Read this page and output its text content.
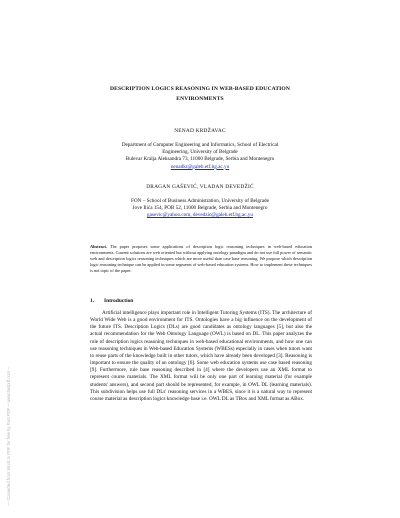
— Converted from Word to PDF for free by Fast PDF -- www.fastpdf.com --
DESCRIPTION LOGICS REASONING IN WEB-BASED EDUCATION
ENVIRONMENTS
NENAD KRDŽAVAC
Department of Computer Engineering and Informatics, School of Electrical
Engineering, University of Belgrade
Bulevar Kralja Aleksandra 73, 11000 Belgrade, Serbia and Montenegro
nenadkr@galeb.etf.bg.ac.yu
DRAGAN GAŠEVIĆ, VLADAN DEVEDŽIĆ
FON – School of Business Administration, University of Belgrade
Jove Ilića 154, POB 52, 11000 Belgrade, Serbia and Montenegro
gasevic@yahoo.com, devedzic@galeb.etf.bg.ac.yu
Abstract. The paper proposes some applications of description logic reasoning techniques in web-based education environments. Current solutions are web oriented but without applying ontology paradigm and do not use full power of semantic web and description logics reasoning techniques which are more useful than case base reasoning. We propose which description logic reasoning technique can be applied in some segments of web-based education systems. How to implement these techniques is not topic of the paper.
1. Introduction

Artificial intelligence plays important role in Intelligent Tutoring Systems (ITS). The architecture of World Wide Web is a good environment for ITS. Ontologies have a big influence on the development of the future ITS. Description Logics (DLs) are good candidates as ontology languages [5], but also the actual recommendation for the Web Ontology Language (OWL) is based on DL. This paper analyzes the role of description logics reasoning techniques in web-based educational environments, and how one can use reasoning techniques in Web-based Education Systems (WBESs) especially in cases when tutors want to reuse parts of the knowledge built in other tutors, which have already been developed [3]. Reasoning is important to ensure the quality of an ontology [6]. Some web education systems use case based reasoning [9]. Furthermore, rule base reasoning described in [4] where the developers use an XML format to represent course materials. The XML format will be only one part of learning material (for example students' answers), and second part should be represented, for example, in OWL DL (learning materials). This subdivision helps use full DLs' reasoning services in a WBES, since it is a natural way to represent course material as description logics knowledge base i.e. OWL DL as TBox and XML format as ABox.
